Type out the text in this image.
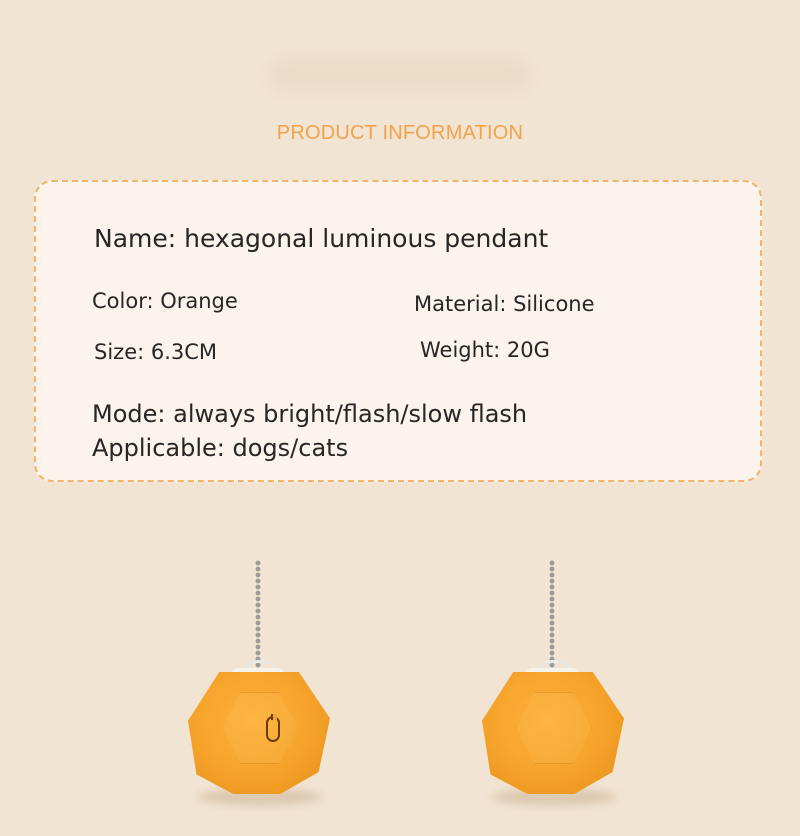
PRODUCT INFORMATION
Name: hexagonal luminous pendant
Color: Orange	Material: Silicone
Size: 6.3CM	Weight: 20G
Mode: always bright/flash/slow flash
Applicable: dogs/cats
